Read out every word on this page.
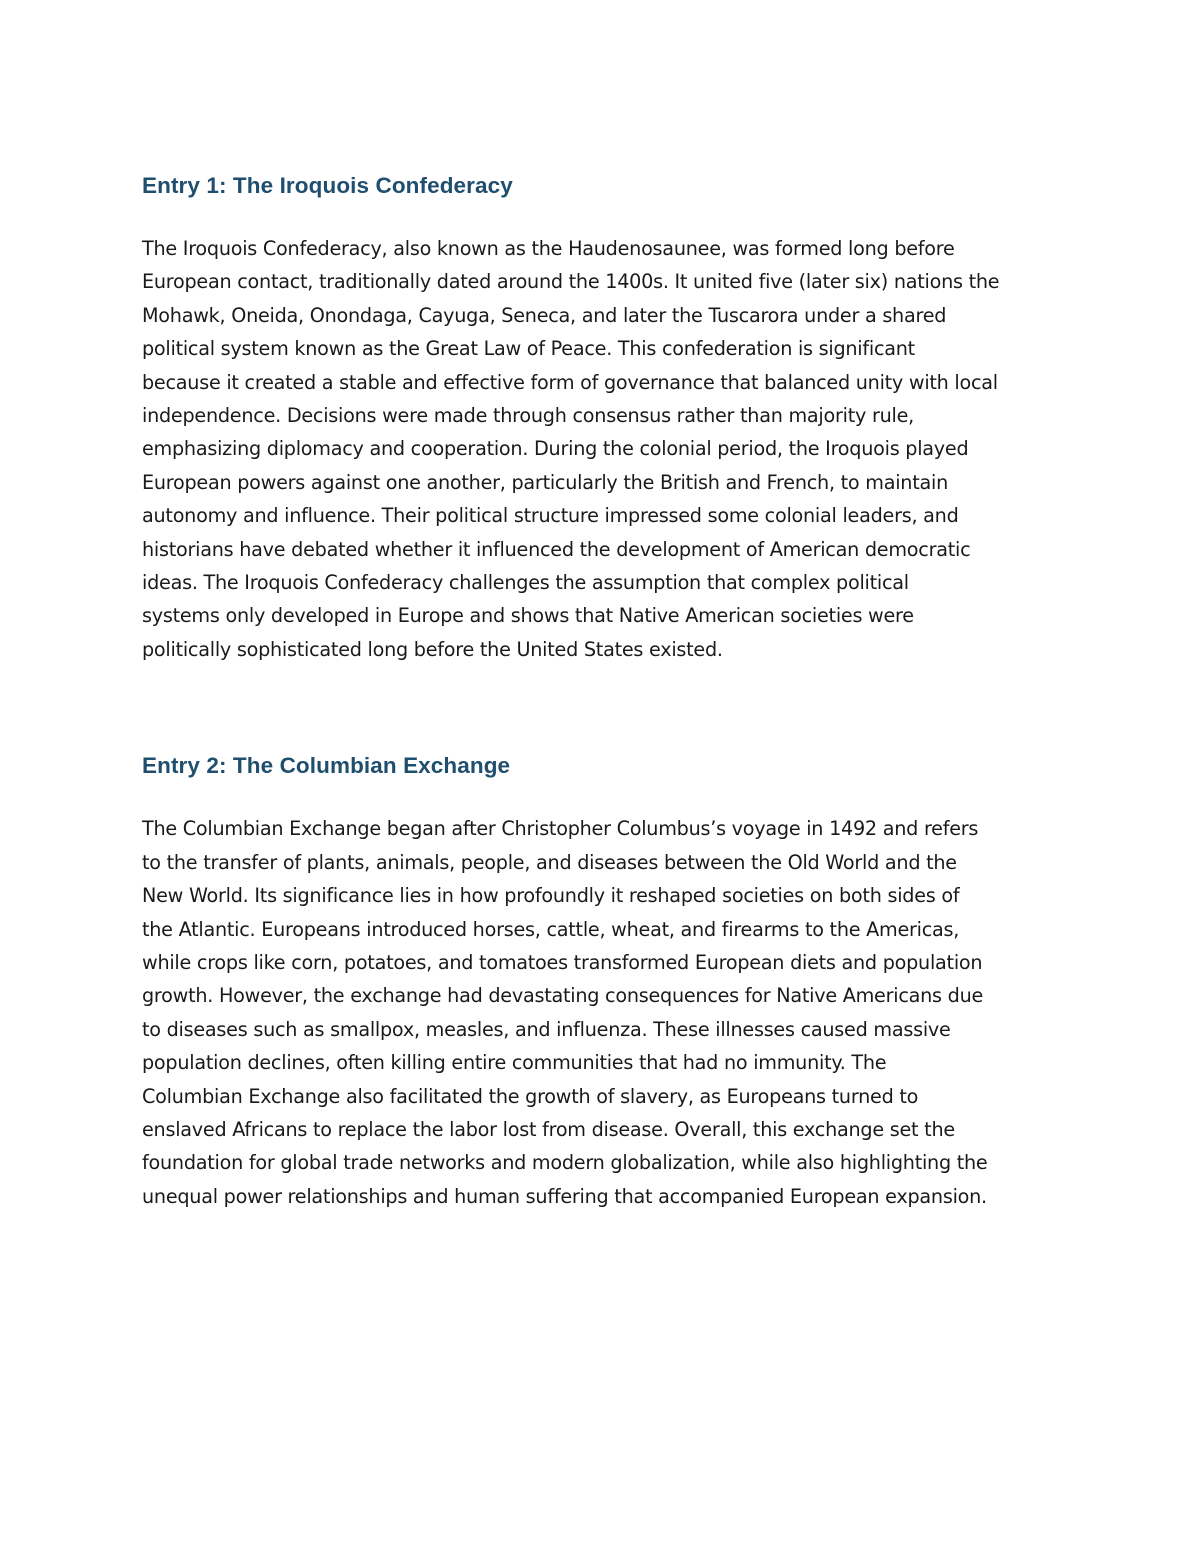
Entry 1: The Iroquois Confederacy

The Iroquois Confederacy, also known as the Haudenosaunee, was formed long before
European contact, traditionally dated around the 1400s. It united five (later six) nations the
Mohawk, Oneida, Onondaga, Cayuga, Seneca, and later the Tuscarora under a shared
political system known as the Great Law of Peace. This confederation is significant
because it created a stable and effective form of governance that balanced unity with local
independence. Decisions were made through consensus rather than majority rule,
emphasizing diplomacy and cooperation. During the colonial period, the Iroquois played
European powers against one another, particularly the British and French, to maintain
autonomy and influence. Their political structure impressed some colonial leaders, and
historians have debated whether it influenced the development of American democratic
ideas. The Iroquois Confederacy challenges the assumption that complex political
systems only developed in Europe and shows that Native American societies were
politically sophisticated long before the United States existed.

Entry 2: The Columbian Exchange

The Columbian Exchange began after Christopher Columbus’s voyage in 1492 and refers
to the transfer of plants, animals, people, and diseases between the Old World and the
New World. Its significance lies in how profoundly it reshaped societies on both sides of
the Atlantic. Europeans introduced horses, cattle, wheat, and firearms to the Americas,
while crops like corn, potatoes, and tomatoes transformed European diets and population
growth. However, the exchange had devastating consequences for Native Americans due
to diseases such as smallpox, measles, and influenza. These illnesses caused massive
population declines, often killing entire communities that had no immunity. The
Columbian Exchange also facilitated the growth of slavery, as Europeans turned to
enslaved Africans to replace the labor lost from disease. Overall, this exchange set the
foundation for global trade networks and modern globalization, while also highlighting the
unequal power relationships and human suffering that accompanied European expansion.
